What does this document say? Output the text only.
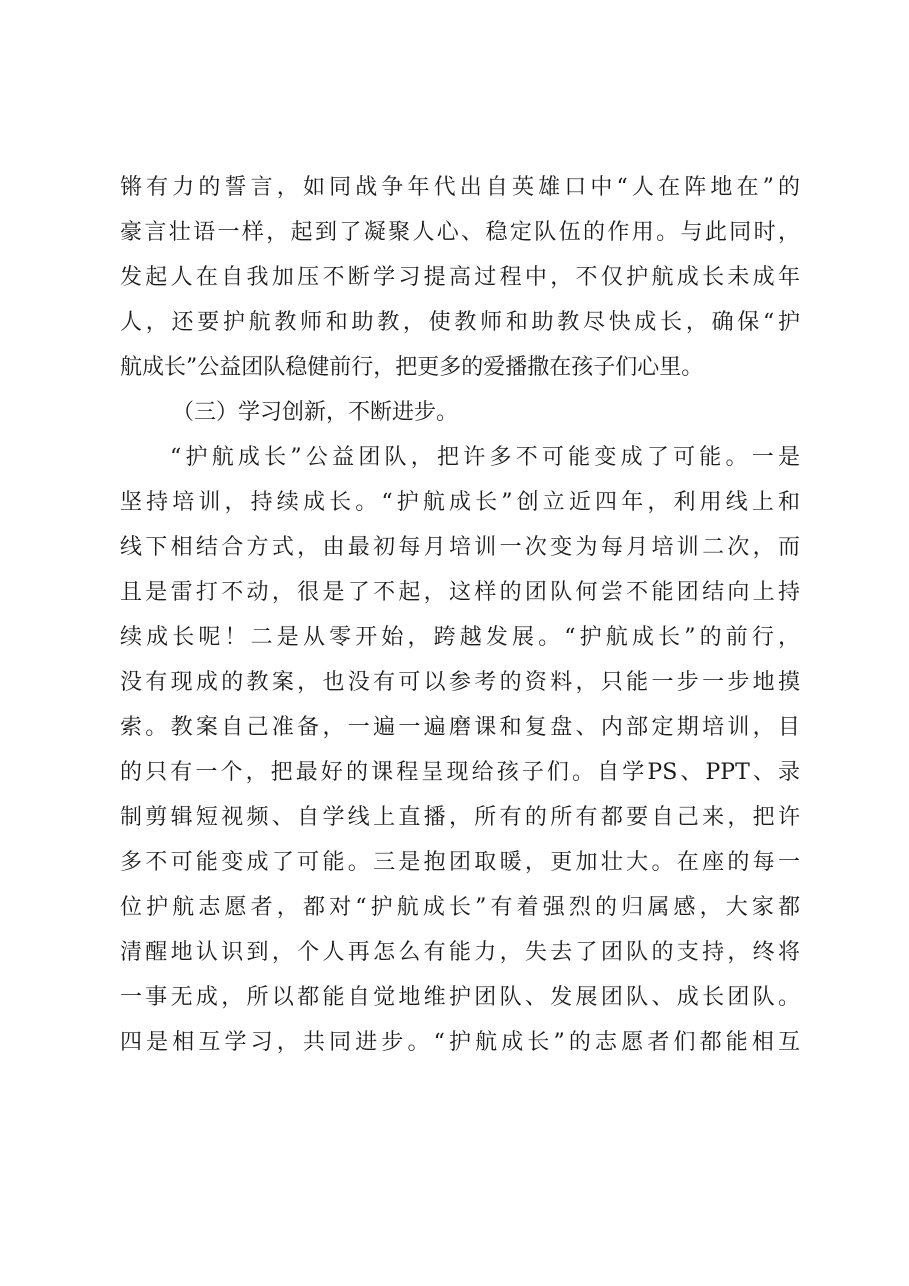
锵有力的誓言，如同战争年代出自英雄口中“人在阵地在”的
豪言壮语一样，起到了凝聚人心、稳定队伍的作用。与此同时，
发起人在自我加压不断学习提高过程中，不仅护航成长未成年
人，还要护航教师和助教，使教师和助教尽快成长，确保“护
航成长”公益团队稳健前行，把更多的爱播撒在孩子们心里。
（三）学习创新，不断进步。
“护航成长”公益团队，把许多不可能变成了可能。一是
坚持培训，持续成长。“护航成长”创立近四年，利用线上和
线下相结合方式，由最初每月培训一次变为每月培训二次，而
且是雷打不动，很是了不起，这样的团队何尝不能团结向上持
续成长呢！二是从零开始，跨越发展。“护航成长”的前行，
没有现成的教案，也没有可以参考的资料，只能一步一步地摸
索。教案自己准备，一遍一遍磨课和复盘、内部定期培训，目
的只有一个，把最好的课程呈现给孩子们。自学PS、PPT、录
制剪辑短视频、自学线上直播，所有的所有都要自己来，把许
多不可能变成了可能。三是抱团取暖，更加壮大。在座的每一
位护航志愿者，都对“护航成长”有着强烈的归属感，大家都
清醒地认识到，个人再怎么有能力，失去了团队的支持，终将
一事无成，所以都能自觉地维护团队、发展团队、成长团队。
四是相互学习，共同进步。“护航成长”的志愿者们都能相互
